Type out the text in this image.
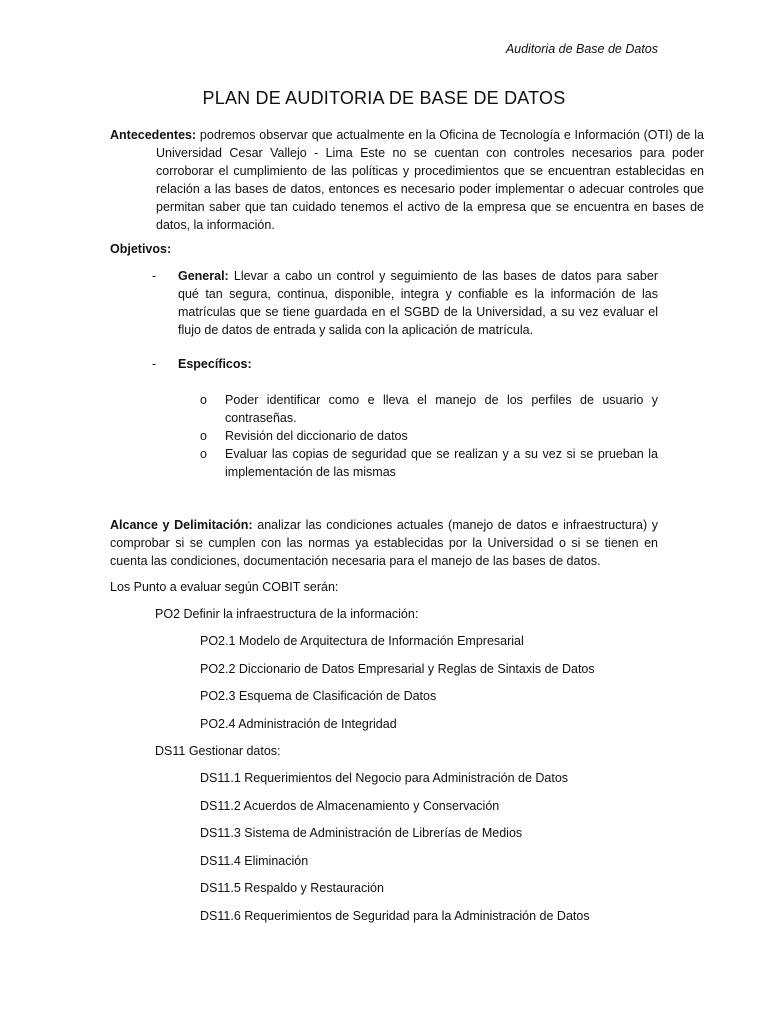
Auditoria de Base de Datos
PLAN DE AUDITORIA DE BASE DE DATOS
Antecedentes: podremos observar que actualmente en la Oficina de Tecnología e Información (OTI) de la Universidad Cesar Vallejo - Lima Este no se cuentan con controles necesarios para poder corroborar el cumplimiento de las políticas y procedimientos que se encuentran establecidas en relación a las bases de datos, entonces es necesario poder implementar o adecuar controles que permitan saber que tan cuidado tenemos el activo de la empresa que se encuentra en bases de datos, la información.
Objetivos:
- General: Llevar a cabo un control y seguimiento de las bases de datos para saber qué tan segura, continua, disponible, integra y confiable es la información de las matrículas que se tiene guardada en el SGBD de la Universidad, a su vez evaluar el flujo de datos de entrada y salida con la aplicación de matrícula.
- Específicos:
o Poder identificar como e lleva el manejo de los perfiles de usuario y contraseñas.
o Revisión del diccionario de datos
o Evaluar las copias de seguridad que se realizan y a su vez si se prueban la implementación de las mismas
Alcance y Delimitación: analizar las condiciones actuales (manejo de datos e infraestructura) y comprobar si se cumplen con las normas ya establecidas por la Universidad o si se tienen en cuenta las condiciones, documentación necesaria para el manejo de las bases de datos.
Los Punto a evaluar según COBIT serán:
PO2 Definir la infraestructura de la información:
PO2.1 Modelo de Arquitectura de Información Empresarial
PO2.2 Diccionario de Datos Empresarial y Reglas de Sintaxis de Datos
PO2.3 Esquema de Clasificación de Datos
PO2.4 Administración de Integridad
DS11 Gestionar datos:
DS11.1 Requerimientos del Negocio para Administración de Datos
DS11.2 Acuerdos de Almacenamiento y Conservación
DS11.3 Sistema de Administración de Librerías de Medios
DS11.4 Eliminación
DS11.5 Respaldo y Restauración
DS11.6 Requerimientos de Seguridad para la Administración de Datos
